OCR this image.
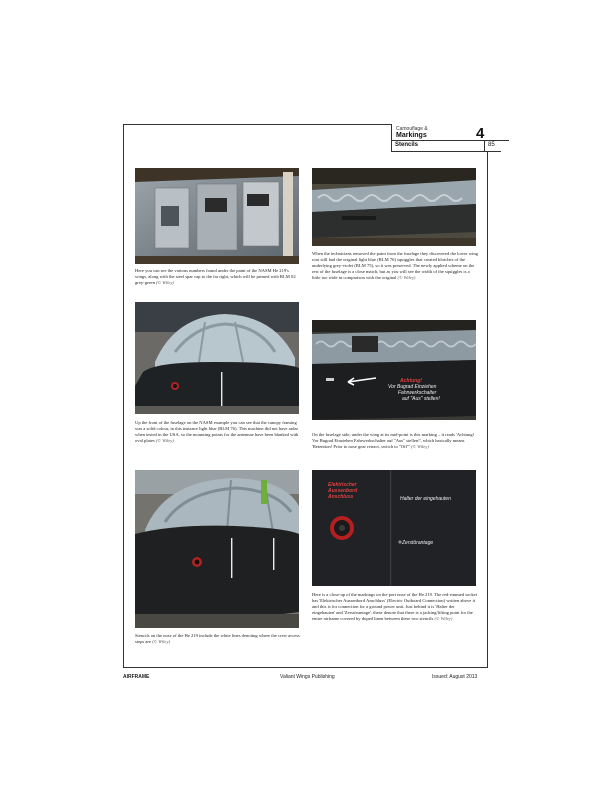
Camouflage &
Markings	4
Stencils	85
Here you can see the various numbers found under the paint of the NASM He 219's wings, along with the steel spar cap to the far right, which will be primed with RLM 02 grey-green (© Wiley)
When the technicians removed the paint from the fuselage they discovered the lower wing root still had the original light blue (RLM 76) squiggles that created blotches of the underlying grey-violet (RLM 75), so it was preserved. The newly applied scheme on the rest of the fuselage is a close match, but as you will see the width of the squiggles is a little too wide in comparison with the original (© Wiley)
Up the front of the fuselage on the NASM example you can see that the canopy framing was a solid colour, in this instance light blue (RLM 76). This machine did not have radar when tested in the USA, so the mounting points for the antennae have been blanked with oval plates (© Wiley)
Achtung!
Vor Bugrad Einziehen
Fahrwerkschalter
auf "Aus" stellen!
On the fuselage side, under the wing at its mid-point is this marking – it reads 'Achtung! Vor Bugrad Einziehen Fahrwerkschalter auf "Aus" stellen!', which basically means 'Retention! Prior to nose gear retract, switch to "Off"' (© Wiley)
Stencils on the nose of the He 219 include the white lines denoting where the crew access steps are (© Wiley)
Elektrischer
Aussenbord
Anschluss	Halter der eingehauten
Zerstörantage
Here is a close-up of the markings on the port nose of the He 219. The red-rimmed socket has 'Elektrischer Aussenbord Anschluss' (Electric Outboard Connection) written above it and this is for connection for a ground power unit. Just behind it is 'Halter der eingehauten' and 'Zerstörantage', these denote that there is a jacking/lifting point for the entire airframe covered by doped linen between these two stencils (© Wiley)
AIRFRAME	Valiant Wings Publishing	Issued: August 2013
